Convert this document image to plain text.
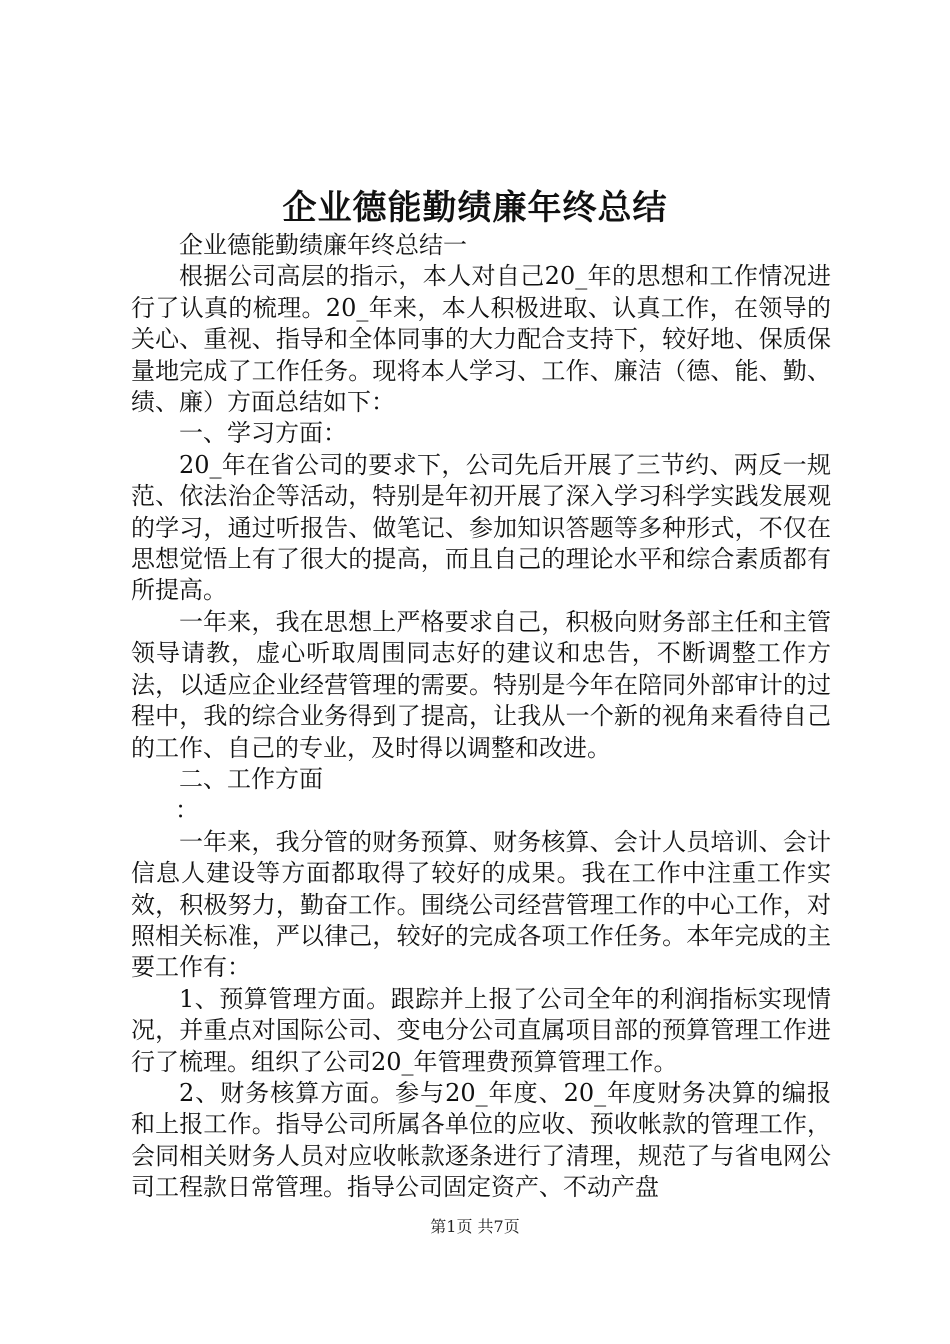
企业德能勤绩廉年终总结

企业德能勤绩廉年终总结一

根据公司高层的指示，本人对自己20_年的思想和工作情况进行了认真的梳理。20_年来，本人积极进取、认真工作，在领导的关心、重视、指导和全体同事的大力配合支持下，较好地、保质保量地完成了工作任务。现将本人学习、工作、廉洁（德、能、勤、绩、廉）方面总结如下：

一、学习方面：

20_年在省公司的要求下，公司先后开展了三节约、两反一规范、依法治企等活动，特别是年初开展了深入学习科学实践发展观的学习，通过听报告、做笔记、参加知识答题等多种形式，不仅在思想觉悟上有了很大的提高，而且自己的理论水平和综合素质都有所提高。

一年来，我在思想上严格要求自己，积极向财务部主任和主管领导请教，虚心听取周围同志好的建议和忠告，不断调整工作方法，以适应企业经营管理的需要。特别是今年在陪同外部审计的过程中，我的综合业务得到了提高，让我从一个新的视角来看待自己的工作、自己的专业，及时得以调整和改进。

二、工作方面

：

一年来，我分管的财务预算、财务核算、会计人员培训、会计信息人建设等方面都取得了较好的成果。我在工作中注重工作实效，积极努力，勤奋工作。围绕公司经营管理工作的中心工作，对照相关标准，严以律己，较好的完成各项工作任务。本年完成的主要工作有：

1、预算管理方面。跟踪并上报了公司全年的利润指标实现情况，并重点对国际公司、变电分公司直属项目部的预算管理工作进行了梳理。组织了公司20_年管理费预算管理工作。

2、财务核算方面。参与20_年度、20_年度财务决算的编报和上报工作。指导公司所属各单位的应收、预收帐款的管理工作，会同相关财务人员对应收帐款逐条进行了清理，规范了与省电网公司工程款日常管理。指导公司固定资产、不动产盘

第1页 共7页
